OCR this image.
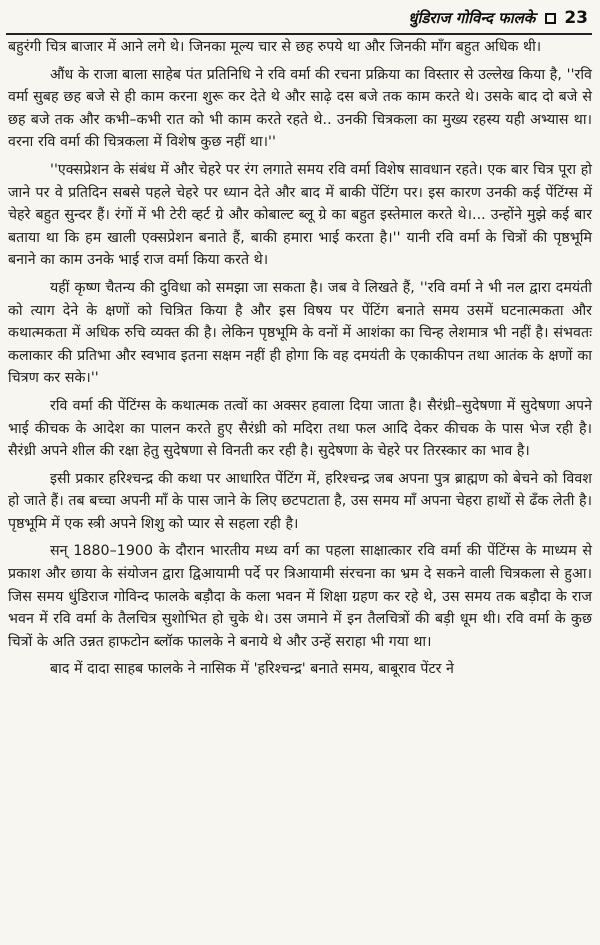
धुंडिराज गोविन्द फालके 23

बहुरंगी चित्र बाजार में आने लगे थे। जिनका मूल्य चार से छह रुपये था और जिनकी माँग बहुत अधिक थी।

औंध के राजा बाला साहेब पंत प्रतिनिधि ने रवि वर्मा की रचना प्रक्रिया का विस्तार से उल्लेख किया है, ''रवि वर्मा सुबह छह बजे से ही काम करना शुरू कर देते थे और साढ़े दस बजे तक काम करते थे। उसके बाद दो बजे से छह बजे तक और कभी–कभी रात को भी काम करते रहते थे.. उनकी चित्रकला का मुख्य रहस्य यही अभ्यास था। वरना रवि वर्मा की चित्रकला में विशेष कुछ नहीं था।''

''एक्सप्रेशन के संबंध में और चेहरे पर रंग लगाते समय रवि वर्मा विशेष सावधान रहते। एक बार चित्र पूरा हो जाने पर वे प्रतिदिन सबसे पहले चेहरे पर ध्यान देते और बाद में बाकी पेंटिंग पर। इस कारण उनकी कई पेंटिंग्स में चेहरे बहुत सुन्दर हैं। रंगों में भी टेरी व्हर्ट ग्रे और कोबाल्ट ब्लू ग्रे का बहुत इस्तेमाल करते थे।... उन्होंने मुझे कई बार बताया था कि हम खाली एक्सप्रेशन बनाते हैं, बाकी हमारा भाई करता है।'' यानी रवि वर्मा के चित्रों की पृष्ठभूमि बनाने का काम उनके भाई राज वर्मा किया करते थे।

यहीं कृष्ण चैतन्य की दुविधा को समझा जा सकता है। जब वे लिखते हैं, ''रवि वर्मा ने भी नल द्वारा दमयंती को त्याग देने के क्षणों को चित्रित किया है और इस विषय पर पेंटिंग बनाते समय उसमें घटनात्मकता और कथात्मकता में अधिक रुचि व्यक्त की है। लेकिन पृष्ठभूमि के वनों में आशंका का चिन्ह लेशमात्र भी नहीं है। संभवतः कलाकार की प्रतिभा और स्वभाव इतना सक्षम नहीं ही होगा कि वह दमयंती के एकाकीपन तथा आतंक के क्षणों का चित्रण कर सके।''

रवि वर्मा की पेंटिंग्स के कथात्मक तत्वों का अक्सर हवाला दिया जाता है। सैरंध्री–सुदेषणा में सुदेषणा अपने भाई कीचक के आदेश का पालन करते हुए सैरंध्री को मदिरा तथा फल आदि देकर कीचक के पास भेज रही है। सैरंध्री अपने शील की रक्षा हेतु सुदेषणा से विनती कर रही है। सुदेषणा के चेहरे पर तिरस्कार का भाव है।

इसी प्रकार हरिश्चन्द्र की कथा पर आधारित पेंटिंग में, हरिश्चन्द्र जब अपना पुत्र ब्राह्मण को बेचने को विवश हो जाते हैं। तब बच्चा अपनी माँ के पास जाने के लिए छटपटाता है, उस समय माँ अपना चेहरा हाथों से ढँक लेती है। पृष्ठभूमि में एक स्त्री अपने शिशु को प्यार से सहला रही है।

सन् 1880–1900 के दौरान भारतीय मध्य वर्ग का पहला साक्षात्कार रवि वर्मा की पेंटिंग्स के माध्यम से प्रकाश और छाया के संयोजन द्वारा द्विआयामी पर्दे पर त्रिआयामी संरचना का भ्रम दे सकने वाली चित्रकला से हुआ। जिस समय धुंडिराज गोविन्द फालके बड़ौदा के कला भवन में शिक्षा ग्रहण कर रहे थे, उस समय तक बड़ौदा के राज भवन में रवि वर्मा के तैलचित्र सुशोभित हो चुके थे। उस जमाने में इन तैलचित्रों की बड़ी धूम थी। रवि वर्मा के कुछ चित्रों के अति उन्नत हाफटोन ब्लॉक फालके ने बनाये थे और उन्हें सराहा भी गया था।

बाद में दादा साहब फालके ने नासिक में 'हरिश्चन्द्र' बनाते समय, बाबूराव पेंटर ने
